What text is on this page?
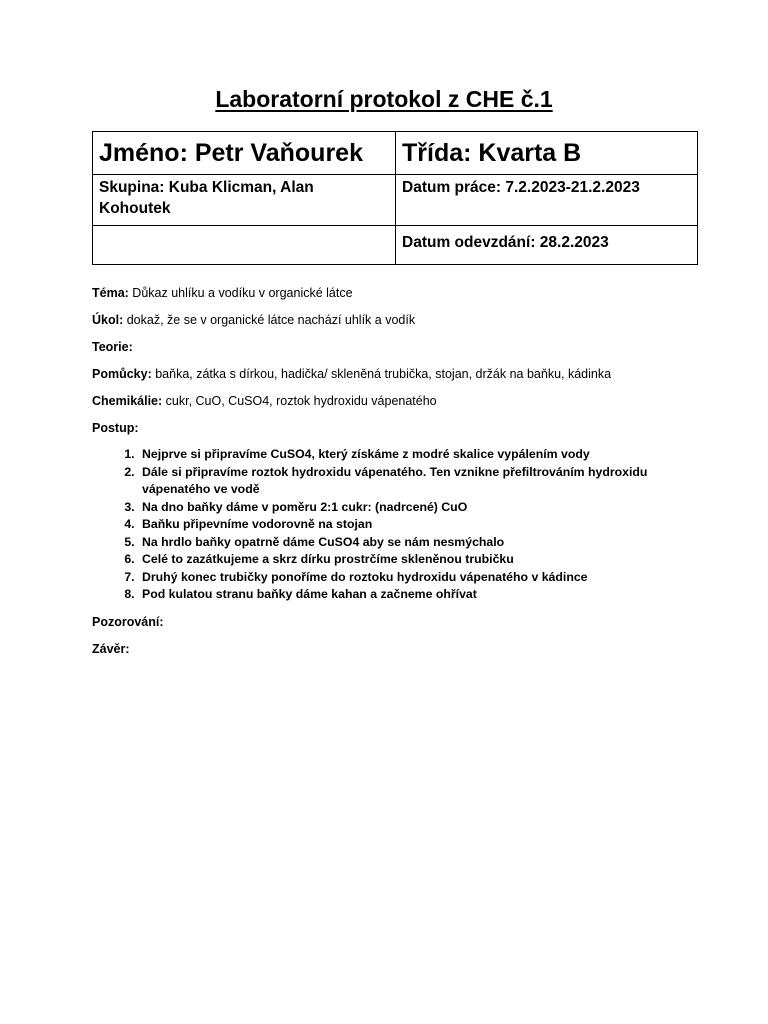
Laboratorní protokol z CHE č.1
Jméno: Petr Vaňourek	Třída: Kvarta B
Skupina: Kuba Klicman, Alan Kohoutek	Datum práce: 7.2.2023-21.2.2023
	Datum odevzdání: 28.2.2023

Téma: Důkaz uhlíku a vodíku v organické látce

Úkol: dokaž, že se v organické látce nachází uhlík a vodík

Teorie:

Pomůcky: baňka, zátka s dírkou, hadička/ skleněná trubička, stojan, držák na baňku, kádinka

Chemikálie: cukr, CuO, CuSO4, roztok hydroxidu vápenatého

Postup:

1. Nejprve si připravíme CuSO4, který získáme z modré skalice vypálením vody
2. Dále si připravíme roztok hydroxidu vápenatého. Ten vznikne přefiltrováním hydroxidu vápenatého ve vodě
3. Na dno baňky dáme v poměru 2:1 cukr: (nadrcené) CuO
4. Baňku připevníme vodorovně na stojan
5. Na hrdlo baňky opatrně dáme CuSO4 aby se nám nesmýchalo
6. Celé to zazátkujeme a skrz dírku prostrčíme skleněnou trubičku
7. Druhý konec trubičky ponoříme do roztoku hydroxidu vápenatého v kádince
8. Pod kulatou stranu baňky dáme kahan a začneme ohřívat

Pozorování:

Závěr:
